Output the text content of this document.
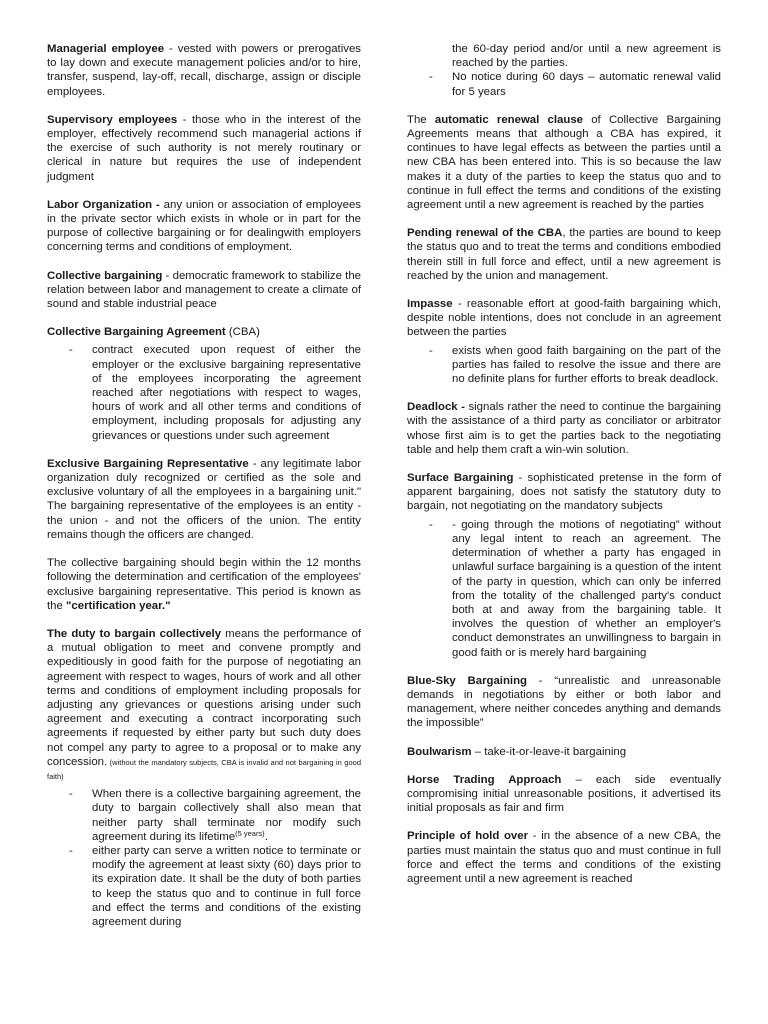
Managerial employee - vested with powers or prerogatives to lay down and execute management policies and/or to hire, transfer, suspend, lay-off, recall, discharge, assign or disciple employees.

Supervisory employees - those who in the interest of the employer, effectively recommend such managerial actions if the exercise of such authority is not merely routinary or clerical in nature but requires the use of independent judgment

Labor Organization - any union or association of employees in the private sector which exists in whole or in part for the purpose of collective bargaining or for dealingwith employers concerning terms and conditions of employment.

Collective bargaining - democratic framework to stabilize the relation between labor and management to create a climate of sound and stable industrial peace

Collective Bargaining Agreement (CBA)

- contract executed upon request of either the employer or the exclusive bargaining representative of the employees incorporating the agreement reached after negotiations with respect to wages, hours of work and all other terms and conditions of employment, including proposals for adjusting any grievances or questions under such agreement

Exclusive Bargaining Representative - any legitimate labor organization duly recognized or certified as the sole and exclusive voluntary of all the employees in a bargaining unit." The bargaining representative of the employees is an entity - the union - and not the officers of the union. The entity remains though the officers are changed.

The collective bargaining should begin within the 12 months following the determination and certification of the employees' exclusive bargaining representative. This period is known as the "certification year."

The duty to bargain collectively means the performance of a mutual obligation to meet and convene promptly and expeditiously in good faith for the purpose of negotiating an agreement with respect to wages, hours of work and all other terms and conditions of employment including proposals for adjusting any grievances or questions arising under such agreement and executing a contract incorporating such agreements if requested by either party but such duty does not compel any party to agree to a proposal or to make any concession. (without the mandatory subjects, CBA is invalid and not bargaining in good faith)

- When there is a collective bargaining agreement, the duty to bargain collectively shall also mean that neither party shall terminate nor modify such agreement during its lifetime$^{(5 years)}$.
- either party can serve a written notice to terminate or modify the agreement at least sixty (60) days prior to its expiration date. It shall be the duty of both parties to keep the status quo and to continue in full force and effect the terms and conditions of the existing agreement during
the 60-day period and/or until a new agreement is reached by the parties.
- No notice during 60 days – automatic renewal valid for 5 years

The automatic renewal clause of Collective Bargaining Agreements means that although a CBA has expired, it continues to have legal effects as between the parties until a new CBA has been entered into. This is so because the law makes it a duty of the parties to keep the status quo and to continue in full effect the terms and conditions of the existing agreement until a new agreement is reached by the parties

Pending renewal of the CBA, the parties are bound to keep the status quo and to treat the terms and conditions embodied therein still in full force and effect, until a new agreement is reached by the union and management.

Impasse - reasonable effort at good-faith bargaining which, despite noble intentions, does not conclude in an agreement between the parties

- exists when good faith bargaining on the part of the parties has failed to resolve the issue and there are no definite plans for further efforts to break deadlock.

Deadlock - signals rather the need to continue the bargaining with the assistance of a third party as conciliator or arbitrator whose first aim is to get the parties back to the negotiating table and help them craft a win-win solution.

Surface Bargaining - sophisticated pretense in the form of apparent bargaining, does not satisfy the statutory duty to bargain, not negotiating on the mandatory subjects

- - going through the motions of negotiating” without any legal intent to reach an agreement. The determination of whether a party has engaged in unlawful surface bargaining is a question of the intent of the party in question, which can only be inferred from the totality of the challenged party's conduct both at and away from the bargaining table. It involves the question of whether an employer's conduct demonstrates an unwillingness to bargain in good faith or is merely hard bargaining

Blue-Sky Bargaining - “unrealistic and unreasonable demands in negotiations by either or both labor and management, where neither concedes anything and demands the impossible”

Boulwarism – take-it-or-leave-it bargaining

Horse Trading Approach – each side eventually compromising initial unreasonable positions, it advertised its initial proposals as fair and firm

Principle of hold over - in the absence of a new CBA, the parties must maintain the status quo and must continue in full force and effect the terms and conditions of the existing agreement until a new agreement is reached
